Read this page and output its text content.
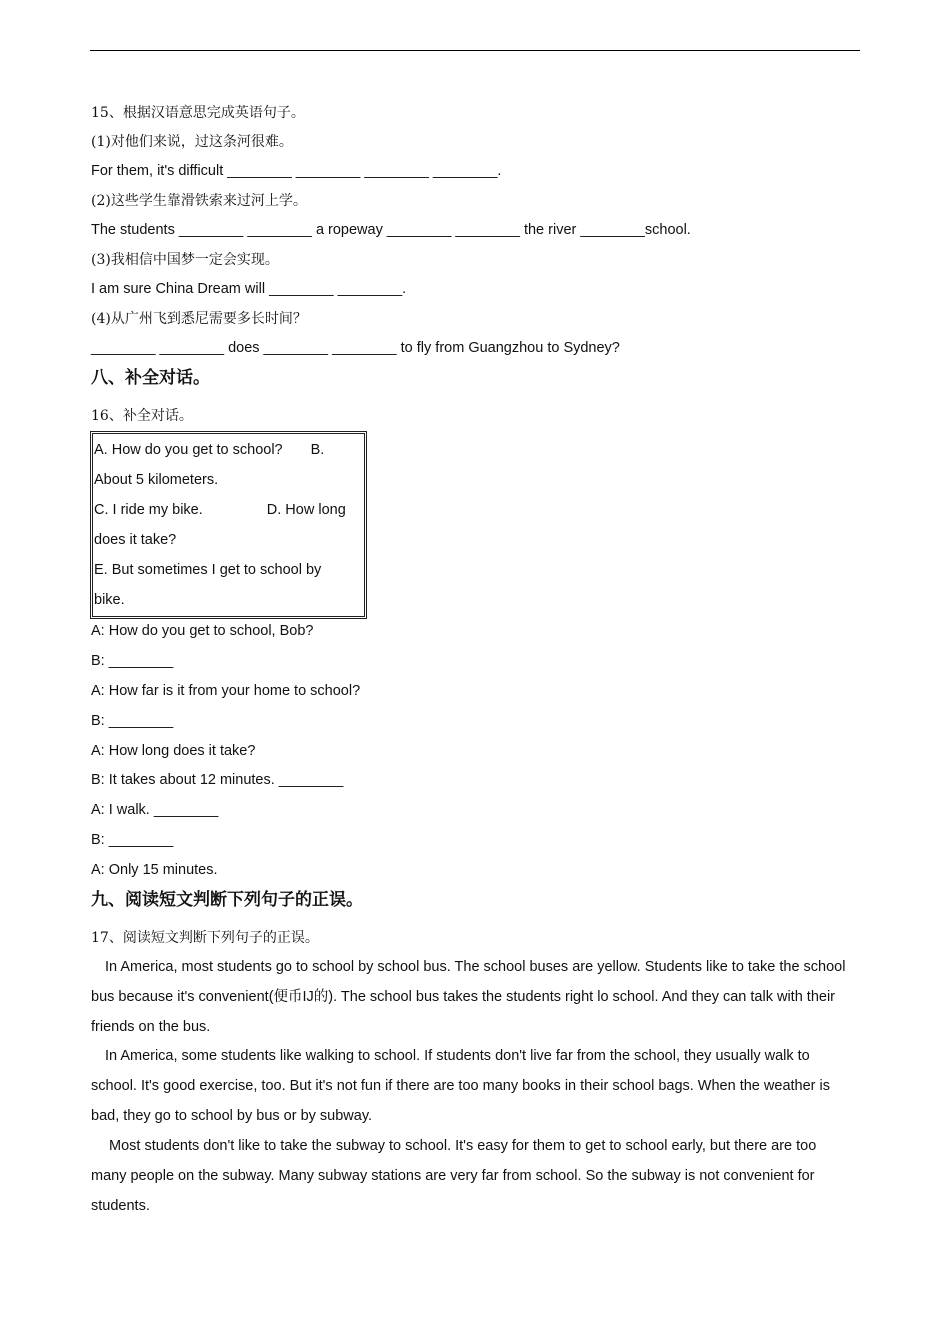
15、根据汉语意思完成英语句子。
(1)对他们来说，过这条河很难。
For them, it's difficult ________ ________ ________ ________.
(2)这些学生靠滑铁索来过河上学。
The students ________ ________ a ropeway ________ ________ the river ________school.
(3)我相信中国梦一定会实现。
I am sure China Dream will ________ ________.
(4)从广州飞到悉尼需要多长时间？
________ ________ does ________ ________ to fly from Guangzhou to Sydney?
八、补全对话。
16、补全对话。
A. How do you get to school? B.
About 5 kilometers.
C. I ride my bike.	D. How long
does it take?
E. But sometimes I get to school by
bike.
A: How do you get to school, Bob?
B: ________
A: How far is it from your home to school?
B: ________
A: How long does it take?
B: It takes about 12 minutes. ________
A: I walk. ________
B: ________
A: Only 15 minutes.
九、阅读短文判断下列句子的正误。
17、阅读短文判断下列句子的正误。
In America, most students go to school by school bus. The school buses are yellow. Students like to take the school bus because it's convenient(便币IJ的). The school bus takes the students right lo school. And they can talk with their friends on the bus.
In America, some students like walking to school. If students don't live far from the school, they usually walk to school. It's good exercise, too. But it's not fun if there are too many books in their school bags. When the weather is bad, they go to school by bus or by subway.
Most students don't like to take the subway to school. It's easy for them to get to school early, but there are too many people on the subway. Many subway stations are very far from school. So the subway is not convenient for students.
